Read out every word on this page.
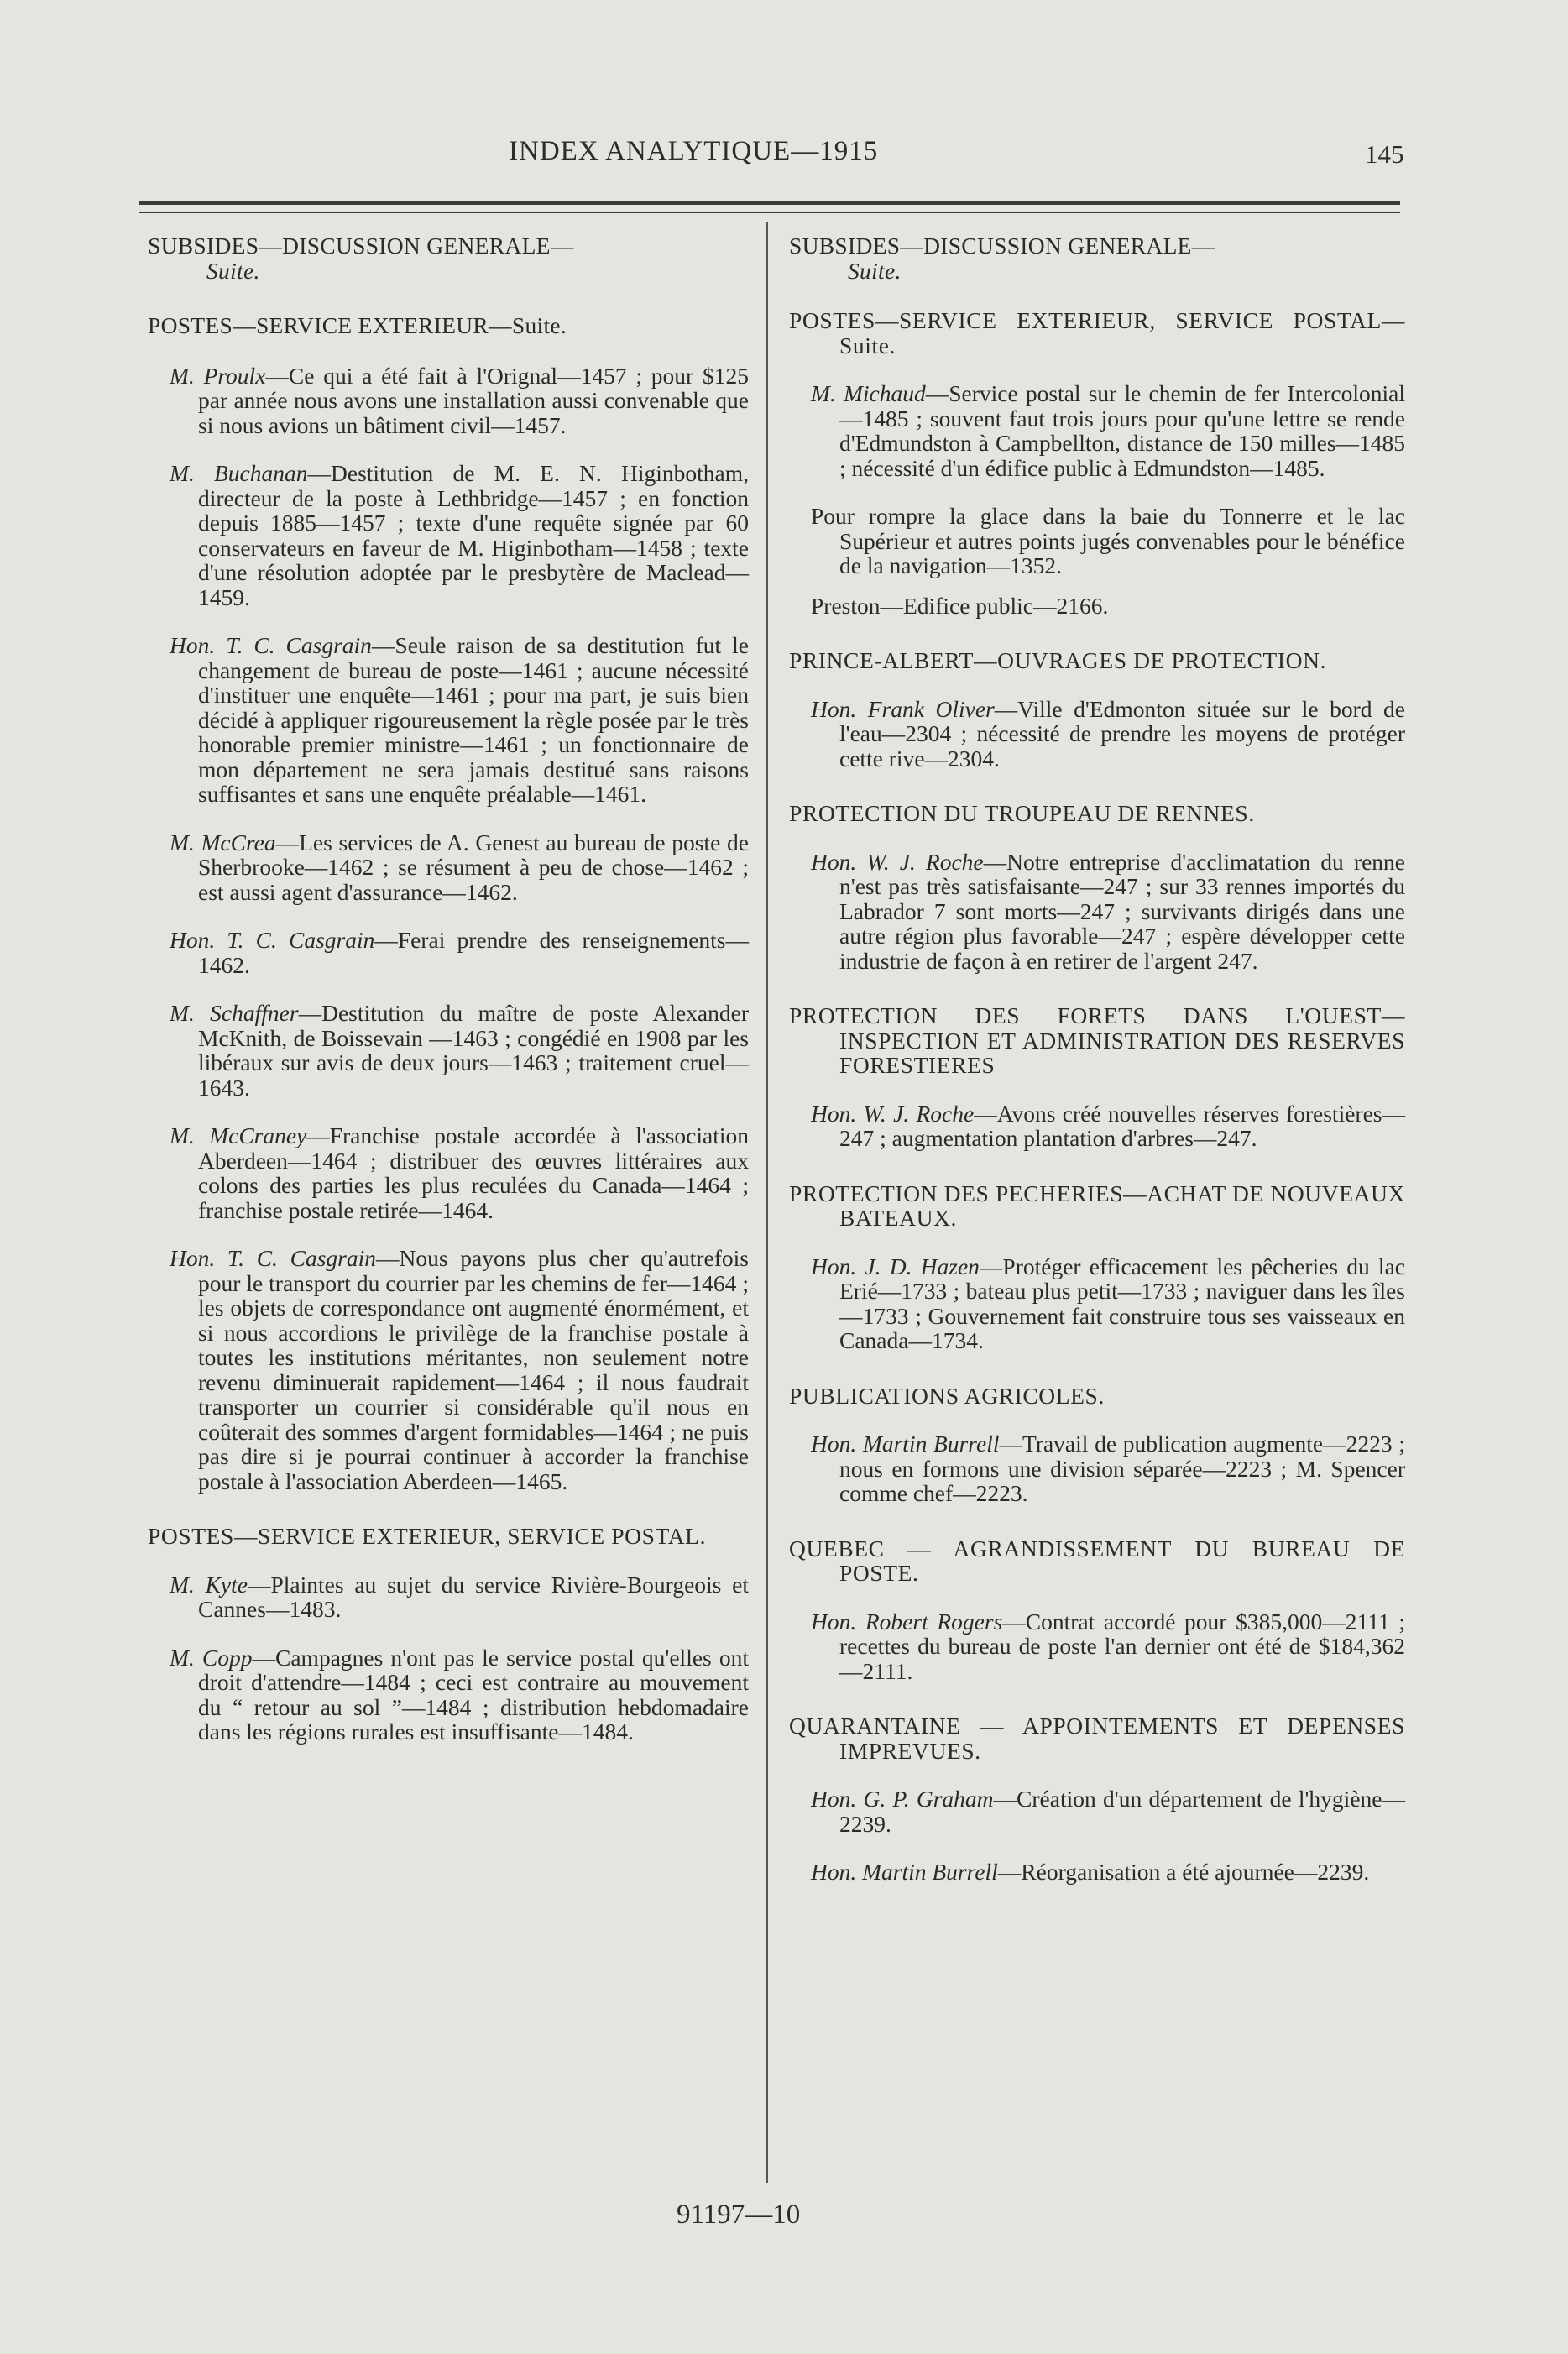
INDEX ANALYTIQUE—1915	145
SUBSIDES—DISCUSSION GENERALE—
Suite.
POSTES—SERVICE EXTERIEUR—Suite.

M. Proulx—Ce qui a été fait à l'Orignal—1457 ; pour $125 par année nous avons une installation aussi convenable que si nous avions un bâtiment civil—1457.

M. Buchanan—Destitution de M. E. N. Higinbotham, directeur de la poste à Lethbridge—1457 ; en fonction depuis 1885—1457 ; texte d'une requête signée par 60 conservateurs en faveur de M. Higinbotham—1458 ; texte d'une résolution adoptée par le presbytère de Maclead—1459.

Hon. T. C. Casgrain—Seule raison de sa destitution fut le changement de bureau de poste—1461 ; aucune nécessité d'instituer une enquête—1461 ; pour ma part, je suis bien décidé à appliquer rigoureusement la règle posée par le très honorable premier ministre—1461 ; un fonctionnaire de mon département ne sera jamais destitué sans raisons suffisantes et sans une enquête préalable—1461.

M. McCrea—Les services de A. Genest au bureau de poste de Sherbrooke—1462 ; se résument à peu de chose—1462 ; est aussi agent d'assurance—1462.

Hon. T. C. Casgrain—Ferai prendre des renseignements—1462.

M. Schaffner—Destitution du maître de poste Alexander McKnith, de Boissevain —1463 ; congédié en 1908 par les libéraux sur avis de deux jours—1463 ; traitement cruel—1643.

M. McCraney—Franchise postale accordée à l'association Aberdeen—1464 ; distribuer des œuvres littéraires aux colons des parties les plus reculées du Canada—1464 ; franchise postale retirée—1464.

Hon. T. C. Casgrain—Nous payons plus cher qu'autrefois pour le transport du courrier par les chemins de fer—1464 ; les objets de correspondance ont augmenté énormément, et si nous accordions le privilège de la franchise postale à toutes les institutions méritantes, non seulement notre revenu diminuerait rapidement—1464 ; il nous faudrait transporter un courrier si considérable qu'il nous en coûterait des sommes d'argent formidables—1464 ; ne puis pas dire si je pourrai continuer à accorder la franchise postale à l'association Aberdeen—1465.

POSTES—SERVICE EXTERIEUR, SERVICE POSTAL.

M. Kyte—Plaintes au sujet du service Rivière-Bourgeois et Cannes—1483.

M. Copp—Campagnes n'ont pas le service postal qu'elles ont droit d'attendre—1484 ; ceci est contraire au mouvement du “ retour au sol ”—1484 ; distribution hebdomadaire dans les régions rurales est insuffisante—1484.

SUBSIDES—DISCUSSION GENERALE—
Suite.
POSTES—SERVICE EXTERIEUR, SERVICE POSTAL—Suite.

M. Michaud—Service postal sur le chemin de fer Intercolonial—1485 ; souvent faut trois jours pour qu'une lettre se rende d'Edmundston à Campbellton, distance de 150 milles—1485 ; nécessité d'un édifice public à Edmundston—1485.

Pour rompre la glace dans la baie du Tonnerre et le lac Supérieur et autres points jugés convenables pour le bénéfice de la navigation—1352.

Preston—Edifice public—2166.

PRINCE-ALBERT—OUVRAGES DE PROTECTION.

Hon. Frank Oliver—Ville d'Edmonton située sur le bord de l'eau—2304 ; nécessité de prendre les moyens de protéger cette rive—2304.

PROTECTION DU TROUPEAU DE RENNES.

Hon. W. J. Roche—Notre entreprise d'acclimatation du renne n'est pas très satisfaisante—247 ; sur 33 rennes importés du Labrador 7 sont morts—247 ; survivants dirigés dans une autre région plus favorable—247 ; espère développer cette industrie de façon à en retirer de l'argent 247.

PROTECTION DES FORETS DANS L'OUEST—INSPECTION ET ADMINISTRATION DES RESERVES FORESTIERES

Hon. W. J. Roche—Avons créé nouvelles réserves forestières—247 ; augmentation plantation d'arbres—247.

PROTECTION DES PECHERIES—ACHAT DE NOUVEAUX BATEAUX.

Hon. J. D. Hazen—Protéger efficacement les pêcheries du lac Erié—1733 ; bateau plus petit—1733 ; naviguer dans les îles —1733 ; Gouvernement fait construire tous ses vaisseaux en Canada—1734.

PUBLICATIONS AGRICOLES.

Hon. Martin Burrell—Travail de publication augmente—2223 ; nous en formons une division séparée—2223 ; M. Spencer comme chef—2223.

QUEBEC — AGRANDISSEMENT DU BUREAU DE POSTE.

Hon. Robert Rogers—Contrat accordé pour $385,000—2111 ; recettes du bureau de poste l'an dernier ont été de $184,362—2111.

QUARANTAINE — APPOINTEMENTS ET DEPENSES IMPREVUES.

Hon. G. P. Graham—Création d'un département de l'hygiène—2239.

Hon. Martin Burrell—Réorganisation a été ajournée—2239.

91197—10
